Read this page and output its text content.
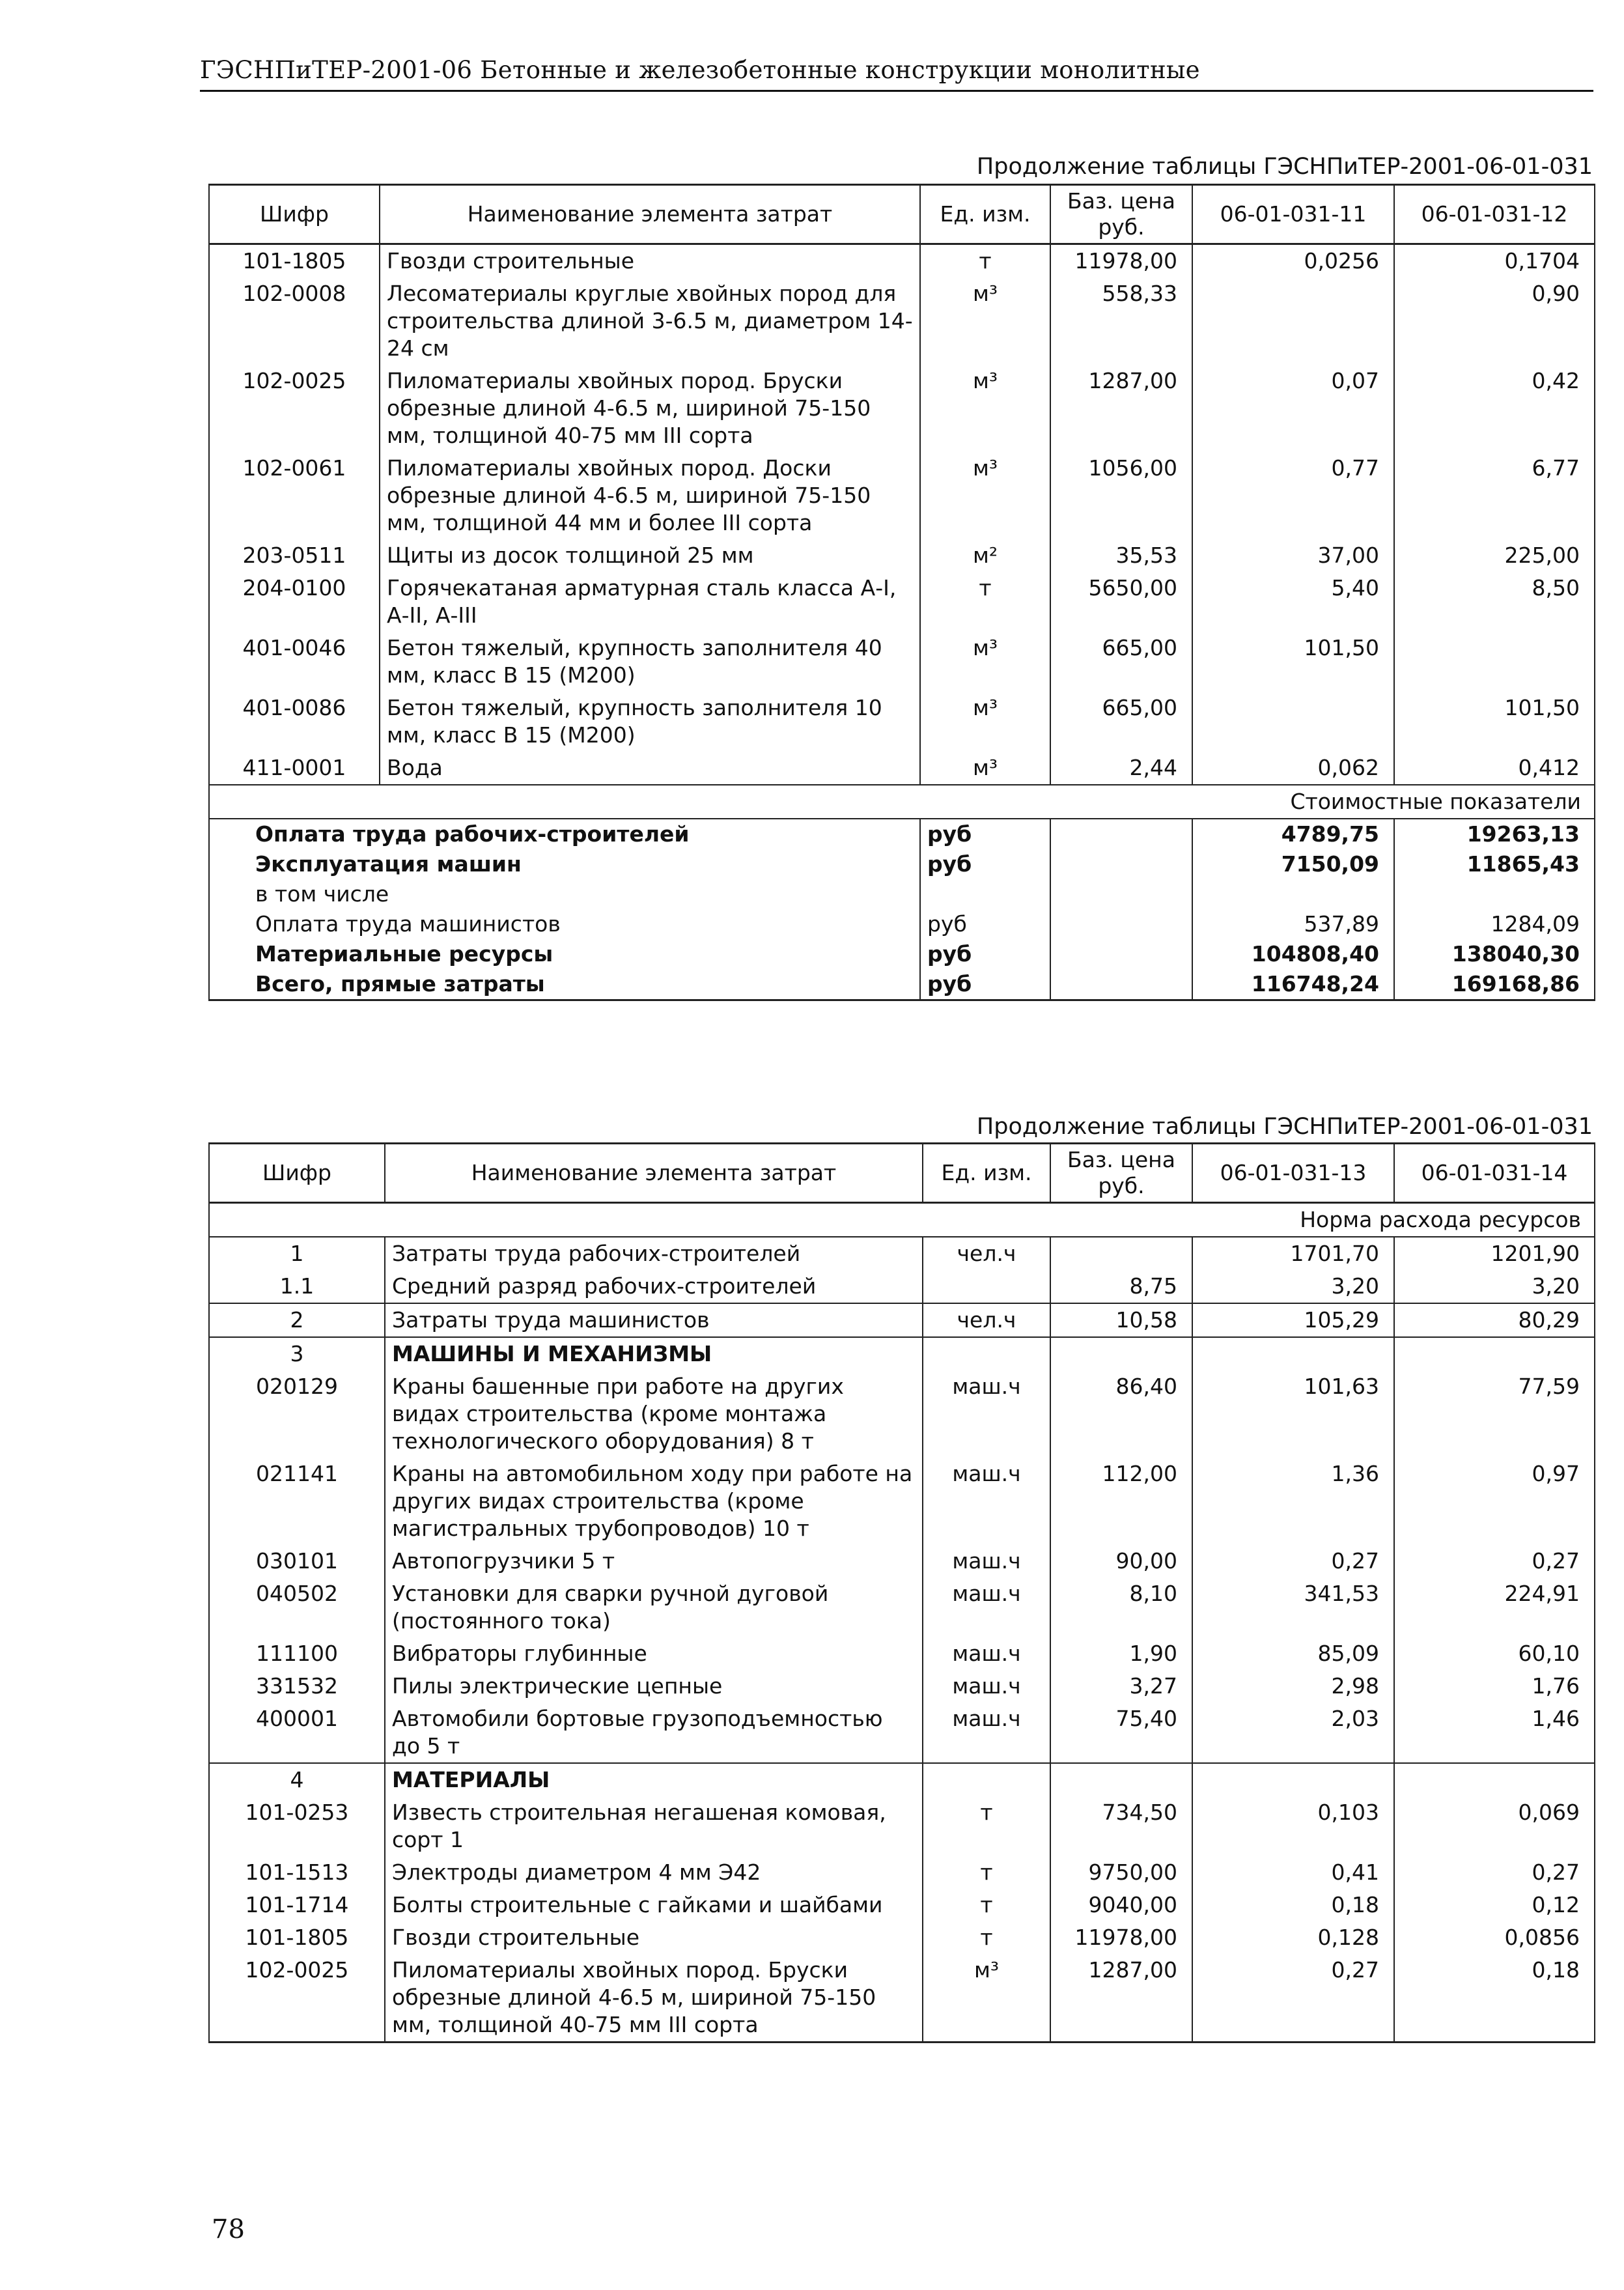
ГЭСНПиТЕР-2001-06 Бетонные и железобетонные конструкции монолитные
Продолжение таблицы ГЭСНПиТЕР-2001-06-01-031
Шифр	Наименование элемента затрат	Ед. изм.	Баз. цена руб.	06-01-031-11	06-01-031-12
101-1805	Гвозди строительные	т	11978,00	0,0256	0,1704
102-0008	Лесоматериалы круглые хвойных пород для строительства длиной 3-6.5 м, диаметром 14-24 см	м³	558,33		0,90
102-0025	Пиломатериалы хвойных пород. Бруски обрезные длиной 4-6.5 м, шириной 75-150 мм, толщиной 40-75 мм III сорта	м³	1287,00	0,07	0,42
102-0061	Пиломатериалы хвойных пород. Доски обрезные длиной 4-6.5 м, шириной 75-150 мм, толщиной 44 мм и более III сорта	м³	1056,00	0,77	6,77
203-0511	Щиты из досок толщиной 25 мм	м²	35,53	37,00	225,00
204-0100	Горячекатаная арматурная сталь класса А-I, А-II, А-III	т	5650,00	5,40	8,50
401-0046	Бетон тяжелый, крупность заполнителя 40 мм, класс В 15 (М200)	м³	665,00	101,50	
401-0086	Бетон тяжелый, крупность заполнителя 10 мм, класс В 15 (М200)	м³	665,00		101,50
411-0001	Вода	м³	2,44	0,062	0,412
Стоимостные показатели					
Оплата труда рабочих-строителей		руб		4789,75	19263,13
Эксплуатация машин		руб		7150,09	11865,43
в том числе					
Оплата труда машинистов		руб		537,89	1284,09
Материальные ресурсы		руб		104808,40	138040,30
Всего, прямые затраты		руб		116748,24	169168,86
Продолжение таблицы ГЭСНПиТЕР-2001-06-01-031
Шифр	Наименование элемента затрат	Ед. изм.	Баз. цена руб.	06-01-031-13	06-01-031-14
Норма расхода ресурсов					
1	Затраты труда рабочих-строителей	чел.ч		1701,70	1201,90
1.1	Средний разряд рабочих-строителей		8,75	3,20	3,20
2	Затраты труда машинистов	чел.ч	10,58	105,29	80,29
3	МАШИНЫ И МЕХАНИЗМЫ				
020129	Краны башенные при работе на других видах строительства (кроме монтажа технологического оборудования) 8 т	маш.ч	86,40	101,63	77,59
021141	Краны на автомобильном ходу при работе на других видах строительства (кроме магистральных трубопроводов) 10 т	маш.ч	112,00	1,36	0,97
030101	Автопогрузчики 5 т	маш.ч	90,00	0,27	0,27
040502	Установки для сварки ручной дуговой (постоянного тока)	маш.ч	8,10	341,53	224,91
111100	Вибраторы глубинные	маш.ч	1,90	85,09	60,10
331532	Пилы электрические цепные	маш.ч	3,27	2,98	1,76
400001	Автомобили бортовые грузоподъемностью до 5 т	маш.ч	75,40	2,03	1,46
4	МАТЕРИАЛЫ				
101-0253	Известь строительная негашеная комовая, сорт 1	т	734,50	0,103	0,069
101-1513	Электроды диаметром 4 мм Э42	т	9750,00	0,41	0,27
101-1714	Болты строительные с гайками и шайбами	т	9040,00	0,18	0,12
101-1805	Гвозди строительные	т	11978,00	0,128	0,0856
102-0025	Пиломатериалы хвойных пород. Бруски обрезные длиной 4-6.5 м, шириной 75-150 мм, толщиной 40-75 мм III сорта	м³	1287,00	0,27	0,18
78
